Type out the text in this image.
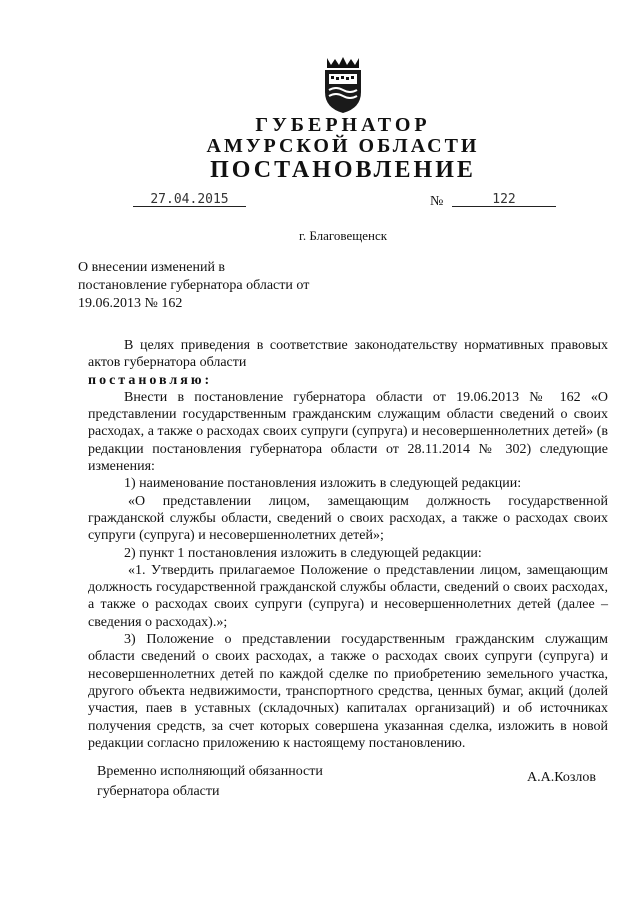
ГУБЕРНАТОР
АМУРСКОЙ ОБЛАСТИ
ПОСТАНОВЛЕНИЕ
27.04.2015	№	122
г. Благовещенск
О внесении изменений в
постановление губернатора области от
19.06.2013 № 162

В целях приведения в соответствие законодательству нормативных правовых актов губернатора области

постановляю:

Внести в постановление губернатора области от 19.06.2013 № 162 «О представлении государственным гражданским служащим области сведений о своих расходах, а также о расходах своих супруги (супруга) и несовершеннолетних детей» (в редакции постановления губернатора области от 28.11.2014 № 302) следующие изменения:

1) наименование постановления изложить в следующей редакции:

«О представлении лицом, замещающим должность государственной гражданской службы области, сведений о своих расходах, а также о расходах своих супруги (супруга) и несовершеннолетних детей»;

2) пункт 1 постановления изложить в следующей редакции:

«1. Утвердить прилагаемое Положение о представлении лицом, замещающим должность государственной гражданской службы области, сведений о своих расходах, а также о расходах своих супруги (супруга) и несовершеннолетних детей (далее – сведения о расходах).»;

3) Положение о представлении государственным гражданским служащим области сведений о своих расходах, а также о расходах своих супруги (супруга) и несовершеннолетних детей по каждой сделке по приобретению земельного участка, другого объекта недвижимости, транспортного средства, ценных бумаг, акций (долей участия, паев в уставных (складочных) капиталах организаций) и об источниках получения средств, за счет которых совершена указанная сделка, изложить в новой редакции согласно приложению к настоящему постановлению.

Временно исполняющий обязанности
губернатора области
А.А.Козлов
